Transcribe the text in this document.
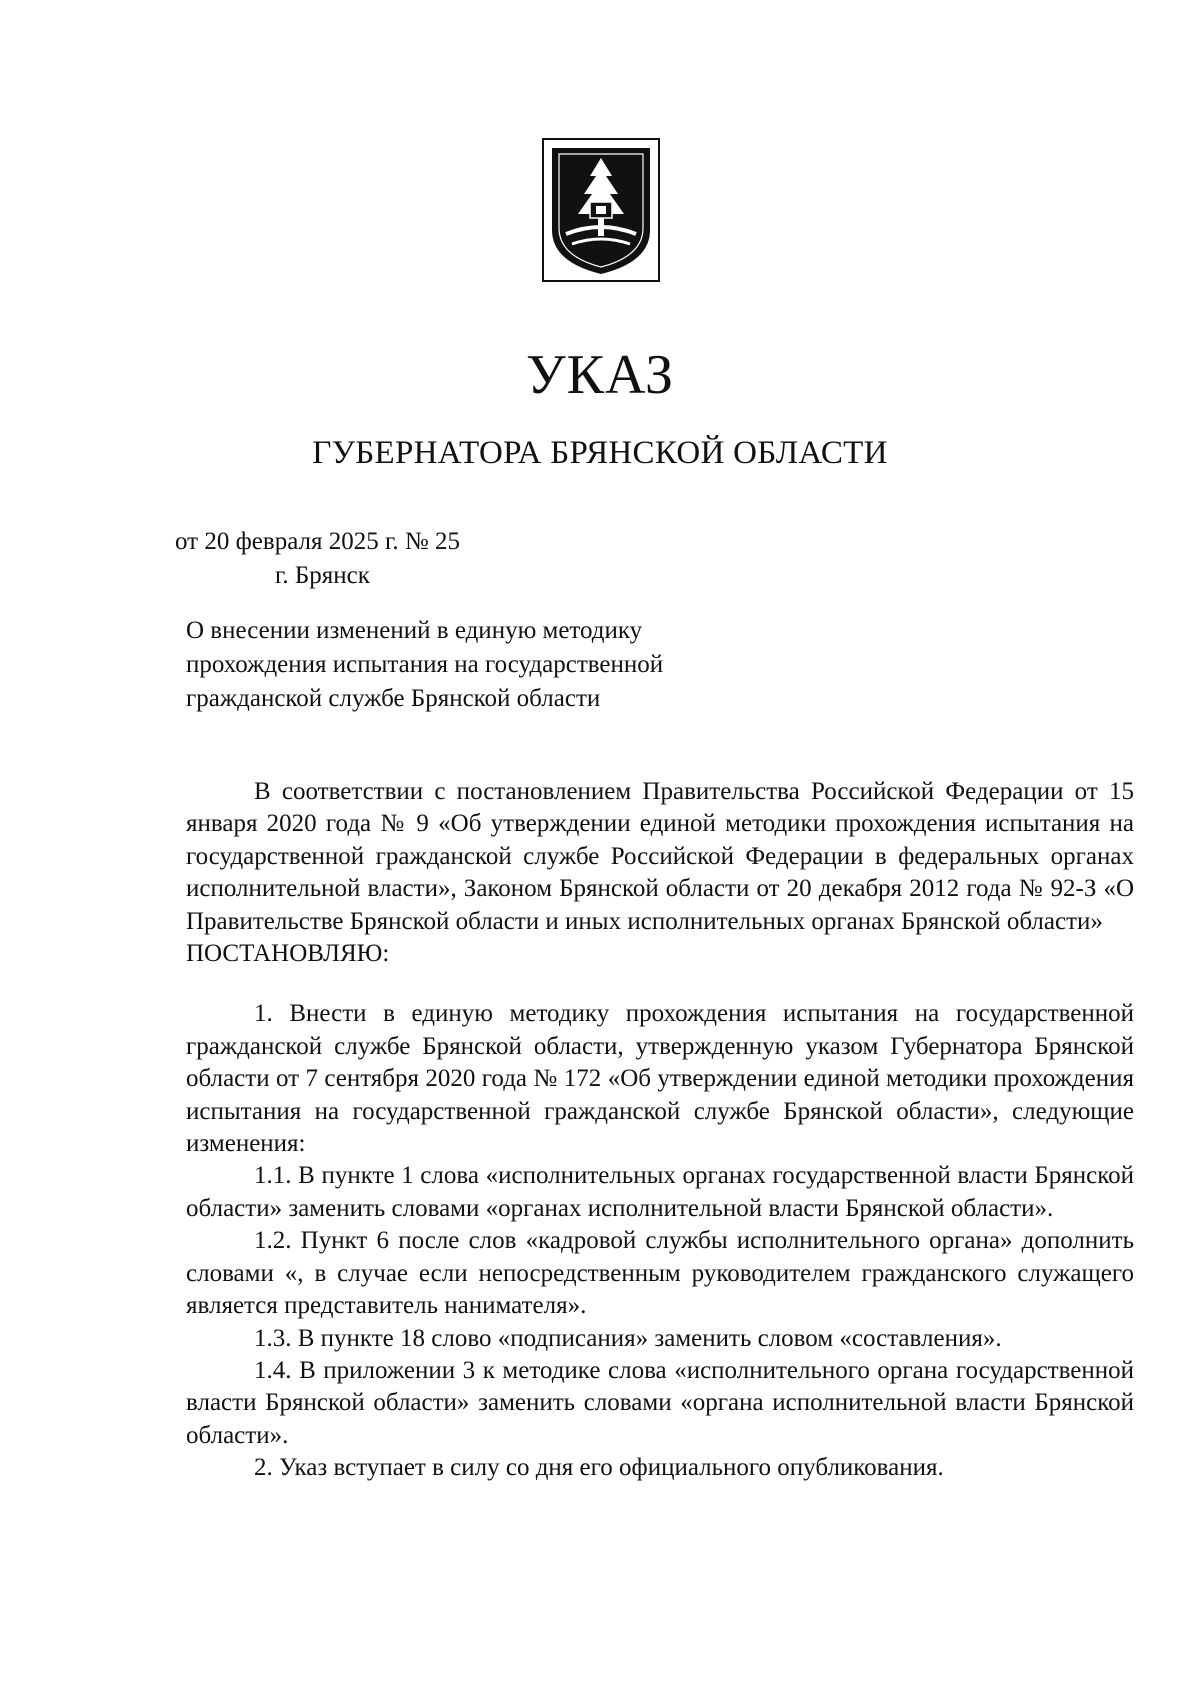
УКАЗ
ГУБЕРНАТОРА БРЯНСКОЙ ОБЛАСТИ
от 20 февраля 2025 г. № 25
г. Брянск
О внесении изменений в единую методику
прохождения испытания на государственной
гражданской службе Брянской области

В соответствии с постановлением Правительства Российской Федерации от 15 января 2020 года № 9 «Об утверждении единой методики прохождения испытания на государственной гражданской службе Российской Федерации в федеральных органах исполнительной власти», Законом Брянской области от 20 декабря 2012 года № 92-З «О Правительстве Брянской области и иных исполнительных органах Брянской области»

ПОСТАНОВЛЯЮ:

1. Внести в единую методику прохождения испытания на государственной гражданской службе Брянской области, утвержденную указом Губернатора Брянской области от 7 сентября 2020 года № 172 «Об утверждении единой методики прохождения испытания на государственной гражданской службе Брянской области», следующие изменения:

1.1. В пункте 1 слова «исполнительных органах государственной власти Брянской области» заменить словами «органах исполнительной власти Брянской области».

1.2. Пункт 6 после слов «кадровой службы исполнительного органа» дополнить словами «, в случае если непосредственным руководителем гражданского служащего является представитель нанимателя».

1.3. В пункте 18 слово «подписания» заменить словом «составления».

1.4. В приложении 3 к методике слова «исполнительного органа государственной власти Брянской области» заменить словами «органа исполнительной власти Брянской области».

2. Указ вступает в силу со дня его официального опубликования.
